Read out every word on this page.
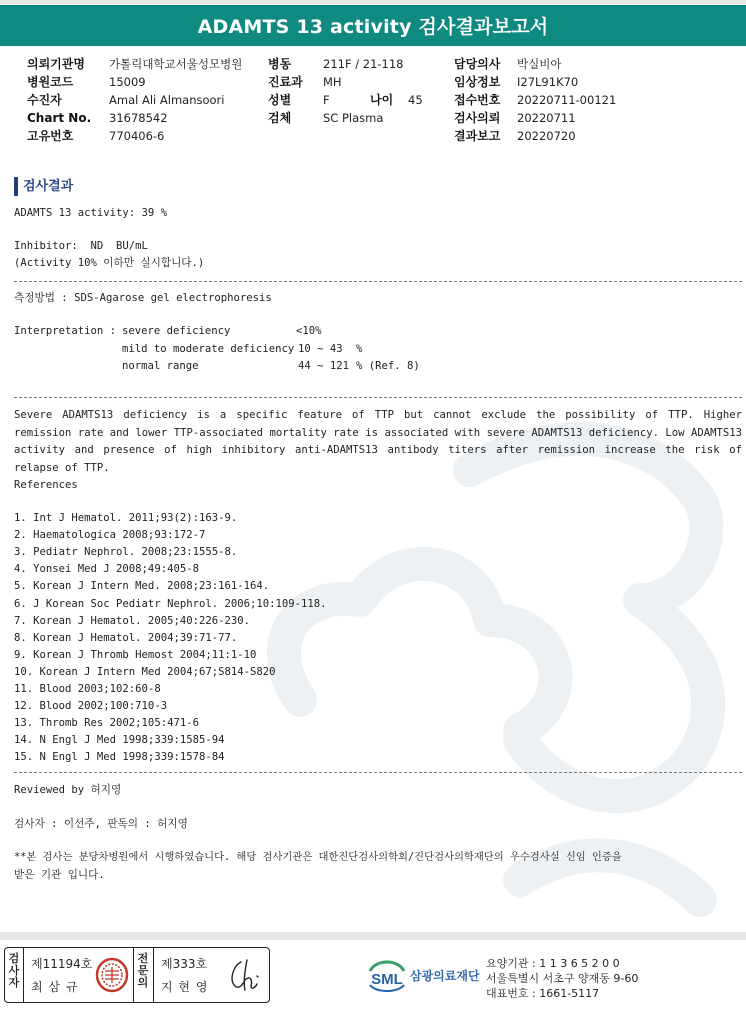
ADAMTS 13 activity 검사결과보고서
의뢰기관명 가톨릭대학교서울성모병원
병원코드	15009
수진자	Amal Ali Almansoori
Chart No. 31678542
고유번호	770406-6
병동	211F / 21-118
진료과 MH
성별	F	나이 45
검체	SC Plasma
담당의사 박실비아
임상정보 I27L91K70
접수번호 20220711-00121
검사의뢰 20220711
결과보고 20220720
검사결과
ADAMTS 13 activity: 39 %
Inhibitor:  ND  BU/mL
(Activity 10% 이하만 실시합니다.)
측정방법 : SDS-Agarose gel electrophoresis
Interpretation : severe deficiency	<10%
mild to moderate deficiency 10 ~ 43 %
normal range	44 ~ 121 % (Ref. 8)
Severe ADAMTS13 deficiency is a specific feature of TTP but cannot exclude the possibility of TTP. Higher remission rate and lower TTP-associated mortality rate is associated with severe ADAMTS13 deficiency. Low ADAMTS13 activity and presence of high inhibitory anti-ADAMTS13 antibody titers after remission increase the risk of relapse of TTP.
References
1. Int J Hematol. 2011;93(2):163-9.
2. Haematologica 2008;93:172-7
3. Pediatr Nephrol. 2008;23:1555-8.
4. Yonsei Med J 2008;49:405-8
5. Korean J Intern Med. 2008;23:161-164.
6. J Korean Soc Pediatr Nephrol. 2006;10:109-118.
7. Korean J Hematol. 2005;40:226-230.
8. Korean J Hematol. 2004;39:71-77.
9. Korean J Thromb Hemost 2004;11:1-10
10. Korean J Intern Med 2004;67;S814-S820
11. Blood 2003;102:60-8
12. Blood 2002;100:710-3
13. Thromb Res 2002;105:471-6
14. N Engl J Med 1998;339:1585-94
15. N Engl J Med 1998;339:1578-84
Reviewed by 허지영
검사자 : 이선주, 판독의 : 허지영
**본 검사는 분당차병원에서 시행하였습니다. 해당 검사기관은 대한진단검사의학회/진단검사의학재단의 우수검사실 신임 인증을
받은 기관 입니다.
검사자
제11194호
최 삼 규
전문의
제333호
지 현 영	SML 삼광의료재단
요양기관 : 1 1 3 6 5 2 0 0
서울특별시 서초구 양재동 9-60
대표번호 : 1661-5117
